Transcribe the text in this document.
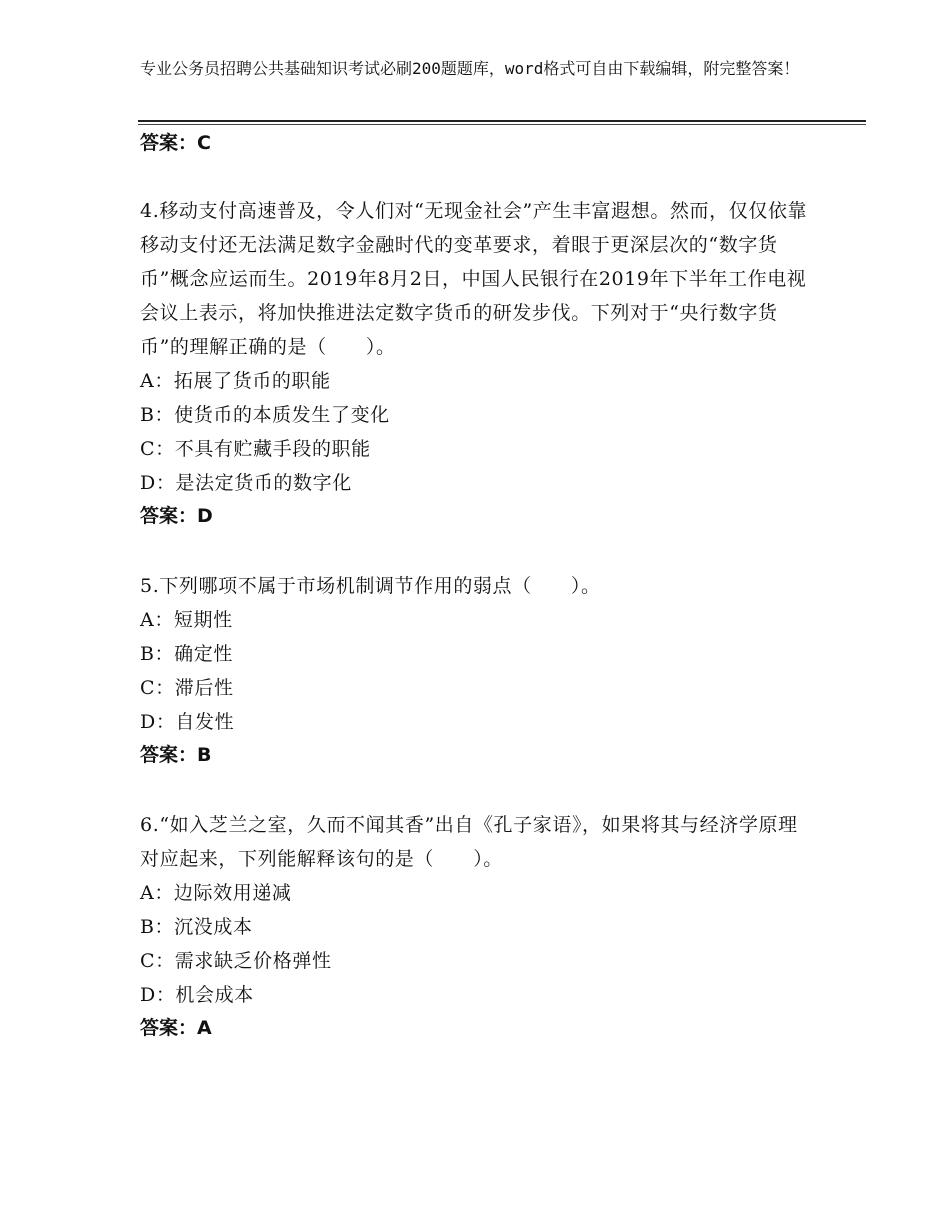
专业公务员招聘公共基础知识考试必刷200题题库，word格式可自由下载编辑，附完整答案！
答案：C

4.移动支付高速普及，令人们对“无现金社会”产生丰富遐想。然而，仅仅依靠移动支付还无法满足数字金融时代的变革要求，着眼于更深层次的“数字货币”概念应运而生。2019年8月2日，中国人民银行在2019年下半年工作电视会议上表示，将加快推进法定数字货币的研发步伐。下列对于“央行数字货币”的理解正确的是（　　）。

A：拓展了货币的职能

B：使货币的本质发生了变化

C：不具有贮藏手段的职能

D：是法定货币的数字化

答案：D

5.下列哪项不属于市场机制调节作用的弱点（　　）。

A：短期性

B：确定性

C：滞后性

D：自发性

答案：B

6.“如入芝兰之室，久而不闻其香”出自《孔子家语》，如果将其与经济学原理对应起来，下列能解释该句的是（　　）。

A：边际效用递减

B：沉没成本

C：需求缺乏价格弹性

D：机会成本

答案：A
